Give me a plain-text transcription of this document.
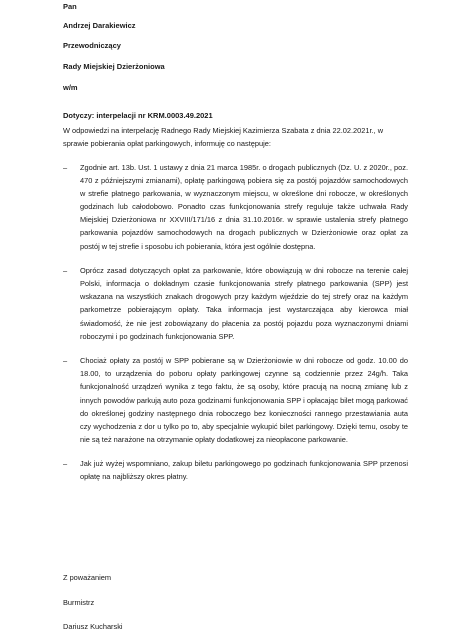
Pan
Andrzej Darakiewicz
Przewodniczący
Rady Miejskiej Dzierżoniowa
w/m
Dotyczy: interpelacji nr KRM.0003.49.2021
W odpowiedzi na interpelację Radnego Rady Miejskiej Kazimierza Szabata z dnia 22.02.2021r., w sprawie pobierania opłat parkingowych, informuję co następuje:
–	Zgodnie art. 13b. Ust. 1 ustawy z dnia 21 marca 1985r. o drogach publicznych (Dz. U. z 2020r., poz. 470 z późniejszymi zmianami), opłatę parkingową pobiera się za postój pojazdów samochodowych w strefie płatnego parkowania, w wyznaczonym miejscu, w określone dni robocze, w określonych godzinach lub całodobowo. Ponadto czas funkcjonowania strefy reguluje także uchwała Rady Miejskiej Dzierżoniowa nr XXVIII/171/16 z dnia 31.10.2016r. w sprawie ustalenia strefy płatnego parkowania pojazdów samochodowych na drogach publicznych w Dzierżoniowie oraz opłat za postój w tej strefie i sposobu ich pobierania, która jest ogólnie dostępna.
–	Oprócz zasad dotyczących opłat za parkowanie, które obowiązują w dni robocze na terenie całej Polski, informacja o dokładnym czasie funkcjonowania strefy płatnego parkowania (SPP) jest wskazana na wszystkich znakach drogowych przy każdym wjeździe do tej strefy oraz na każdym parkometrze pobierającym opłaty. Taka informacja jest wystarczająca aby kierowca miał świadomość, że nie jest zobowiązany do płacenia za postój pojazdu poza wyznaczonymi dniami roboczymi i po godzinach funkcjonowania SPP.
–	Chociaż opłaty za postój w SPP pobierane są w Dzierżoniowie w dni robocze od godz. 10.00 do 18.00, to urządzenia do poboru opłaty parkingowej czynne są codziennie przez 24g/h. Taka funkcjonalność urządzeń wynika z tego faktu, że są osoby, które pracują na nocną zmianę lub z innych powodów parkują auto poza godzinami funkcjonowania SPP i opłacając bilet mogą parkować do określonej godziny następnego dnia roboczego bez konieczności rannego przestawiania auta czy wychodzenia z dor u tylko po to, aby specjalnie wykupić bilet parkingowy. Dzięki temu, osoby te nie są też narażone na otrzymanie opłaty dodatkowej za nieopłacone parkowanie.
–	Jak już wyżej wspomniano, zakup biletu parkingowego po godzinach funkcjonowania SPP przenosi opłatę na najbliższy okres płatny.
Z poważaniem
Burmistrz
Dariusz Kucharski
